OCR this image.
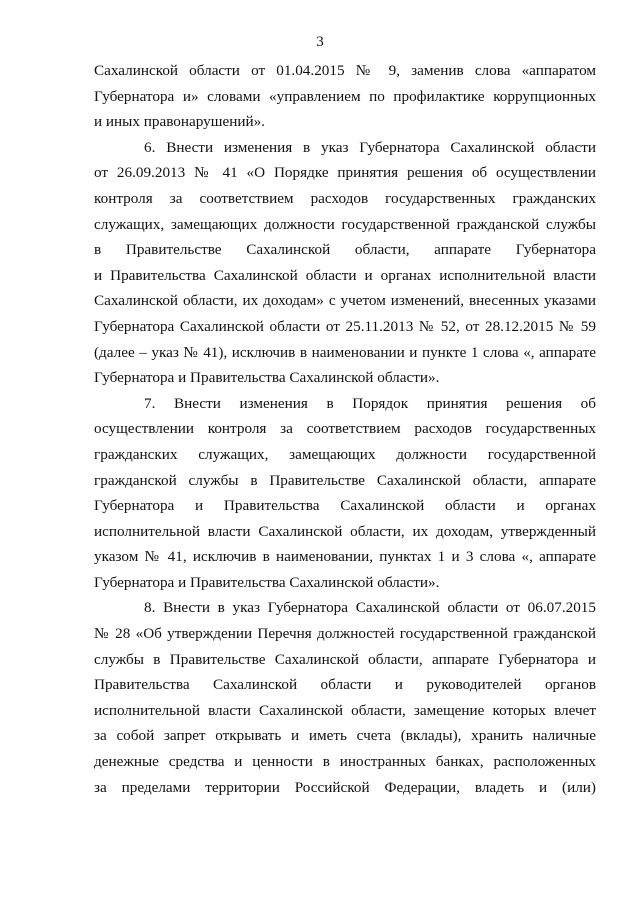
3
Сахалинской области от 01.04.2015 № 9, заменив слова «аппаратом
Губернатора и» словами «управлением по профилактике коррупционных
и иных правонарушений».
6. Внести изменения в указ Губернатора Сахалинской области
от 26.09.2013 № 41 «О Порядке принятия решения об осуществлении
контроля за соответствием расходов государственных гражданских
служащих, замещающих должности государственной гражданской службы
в Правительстве Сахалинской области, аппарате Губернатора
и Правительства Сахалинской области и органах исполнительной власти
Сахалинской области, их доходам» с учетом изменений, внесенных указами
Губернатора Сахалинской области от 25.11.2013 № 52, от 28.12.2015 № 59
(далее – указ № 41), исключив в наименовании и пункте 1 слова «, аппарате
Губернатора и Правительства Сахалинской области».
7. Внести изменения в Порядок принятия решения об
осуществлении контроля за соответствием расходов государственных
гражданских служащих, замещающих должности государственной
гражданской службы в Правительстве Сахалинской области, аппарате
Губернатора и Правительства Сахалинской области и органах
исполнительной власти Сахалинской области, их доходам, утвержденный
указом № 41, исключив в наименовании, пунктах 1 и 3 слова «, аппарате
Губернатора и Правительства Сахалинской области».
8. Внести в указ Губернатора Сахалинской области от 06.07.2015
№ 28 «Об утверждении Перечня должностей государственной гражданской
службы в Правительстве Сахалинской области, аппарате Губернатора и
Правительства Сахалинской области и руководителей органов
исполнительной власти Сахалинской области, замещение которых влечет
за собой запрет открывать и иметь счета (вклады), хранить наличные
денежные средства и ценности в иностранных банках, расположенных
за пределами территории Российской Федерации, владеть и (или)
